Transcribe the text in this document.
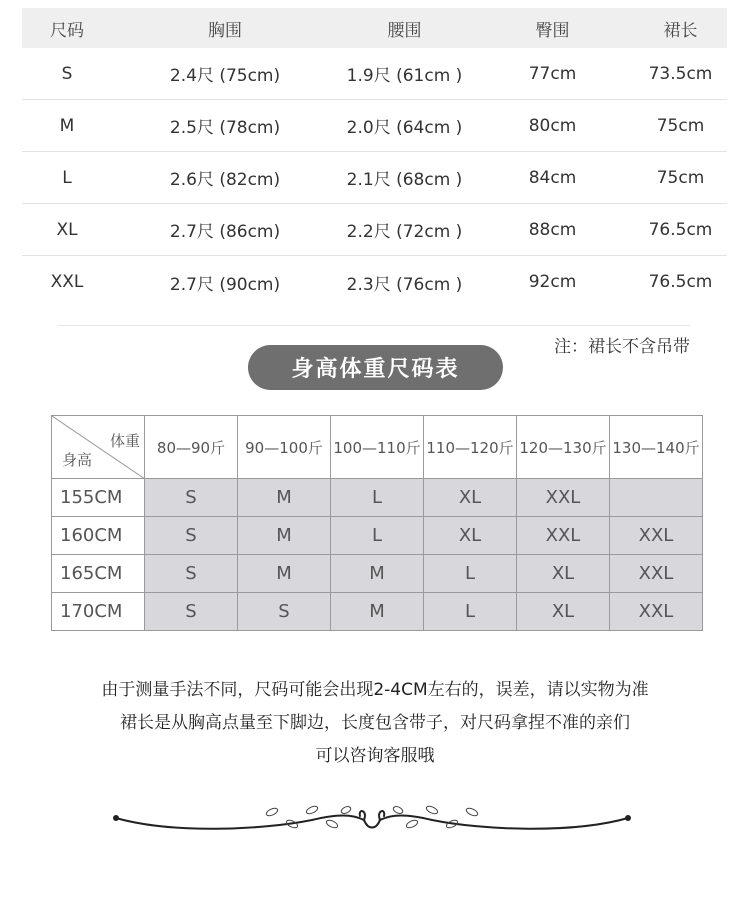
尺码	胸围	腰围	臀围	裙长
S	2.4尺 (75cm)	1.9尺 (61cm )	77cm	73.5cm
M	2.5尺 (78cm)	2.0尺 (64cm )	80cm	75cm
L	2.6尺 (82cm)	2.1尺 (68cm )	84cm	75cm
XL	2.7尺 (86cm)	2.2尺 (72cm )	88cm	76.5cm
XXL	2.7尺 (90cm)	2.3尺 (76cm )	92cm	76.5cm
注：裙长不含吊带
身高体重尺码表
体重
身高	80—90斤	90—100斤	100—110斤	110—120斤	120—130斤	130—140斤
155CM	S	M	L	XL	XXL	
160CM	S	M	L	XL	XXL	XXL
165CM	S	M	M	L	XL	XXL
170CM	S	S	M	L	XL	XXL
由于测量手法不同，尺码可能会出现2-4CM左右的，误差，请以实物为准
裙长是从胸高点量至下脚边，长度包含带子，对尺码拿捏不准的亲们
可以咨询客服哦
